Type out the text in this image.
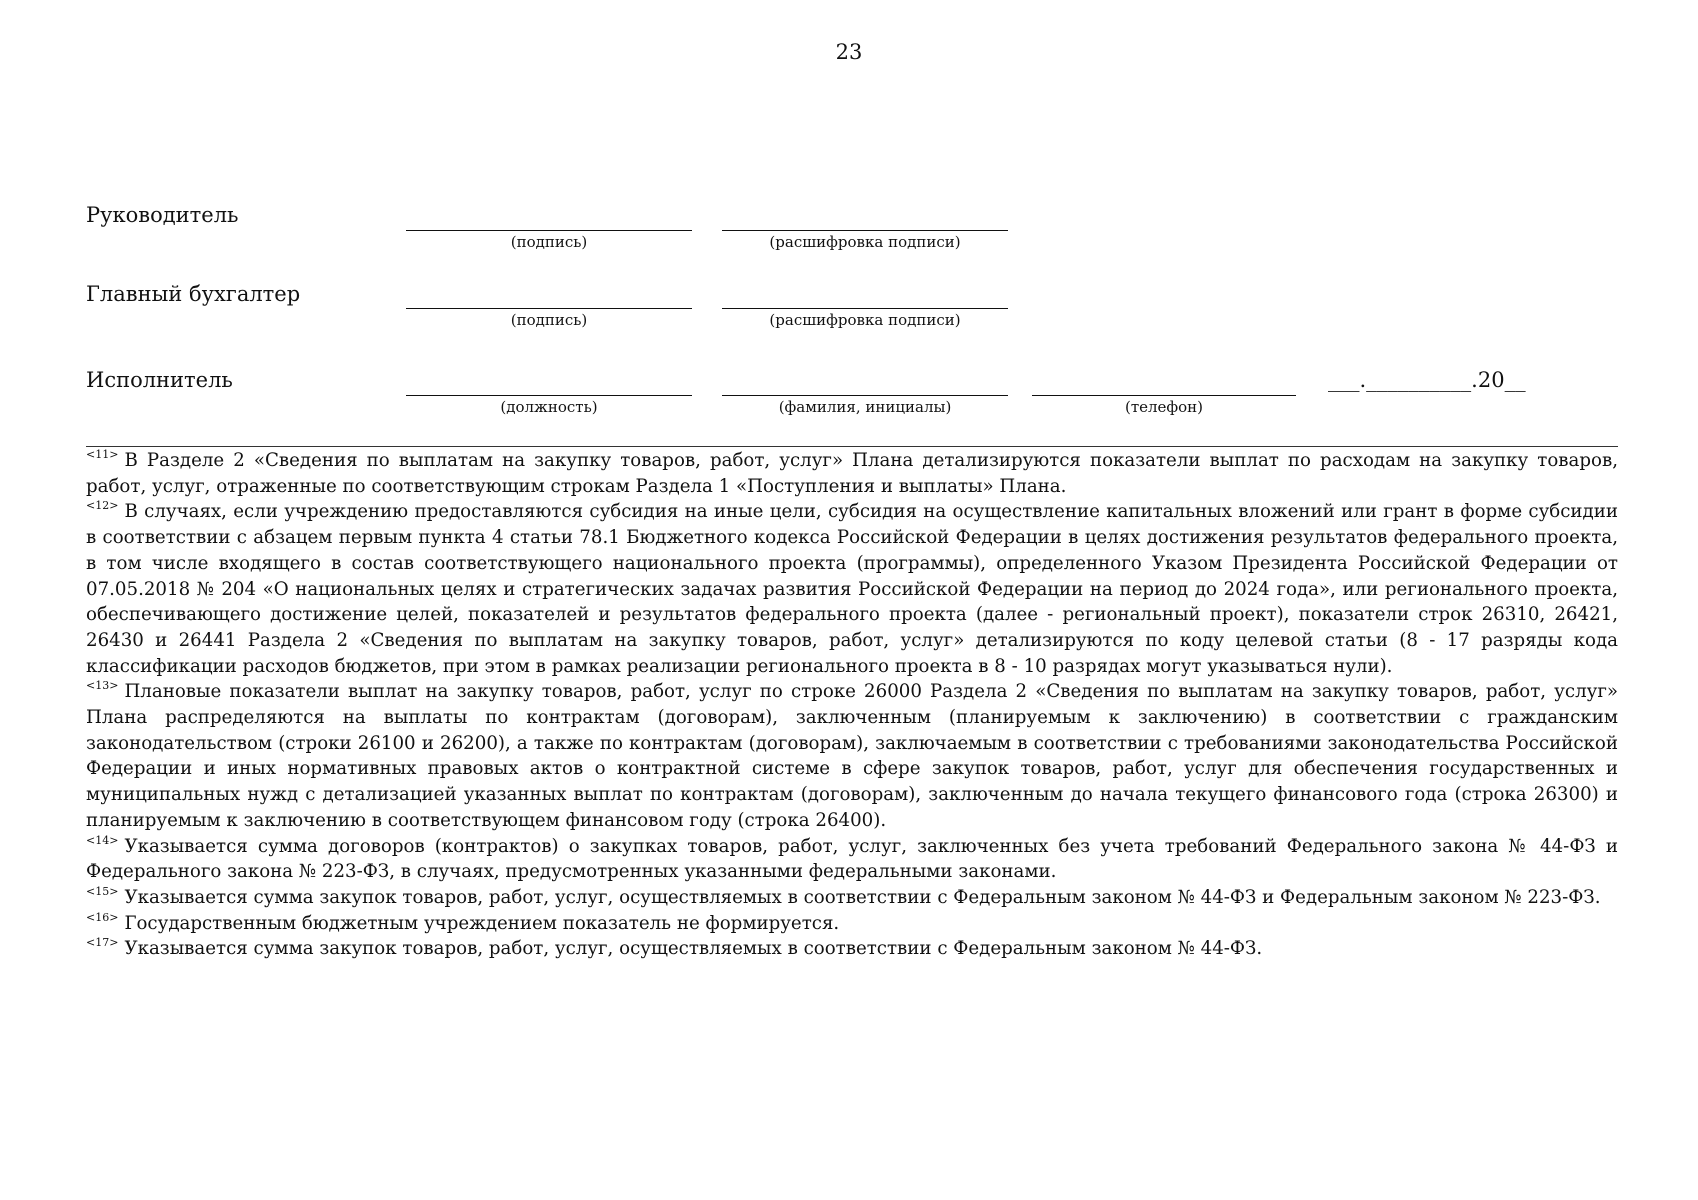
23
Руководитель
(подпись)	(расшифровка подписи)
Главный бухгалтер
(подпись)	(расшифровка подписи)
Исполнитель
(должность)	(фамилия, инициалы)	(телефон)
___.__________.20__

$^{<11>}$ В Разделе 2 «Сведения по выплатам на закупку товаров, работ, услуг» Плана детализируются показатели выплат по расходам на закупку товаров, работ, услуг, отраженные по соответствующим строкам Раздела 1 «Поступления и выплаты» Плана.

$^{<12>}$ В случаях, если учреждению предоставляются субсидия на иные цели, субсидия на осуществление капитальных вложений или грант в форме субсидии в соответствии с абзацем первым пункта 4 статьи 78.1 Бюджетного кодекса Российской Федерации в целях достижения результатов федерального проекта, в том числе входящего в состав соответствующего национального проекта (программы), определенного Указом Президента Российской Федерации от 07.05.2018 № 204 «О национальных целях и стратегических задачах развития Российской Федерации на период до 2024 года», или регионального проекта, обеспечивающего достижение целей, показателей и результатов федерального проекта (далее - региональный проект), показатели строк 26310, 26421, 26430 и 26441 Раздела 2 «Сведения по выплатам на закупку товаров, работ, услуг» детализируются по коду целевой статьи (8 - 17 разряды кода классификации расходов бюджетов, при этом в рамках реализации регионального проекта в 8 - 10 разрядах могут указываться нули).

$^{<13>}$ Плановые показатели выплат на закупку товаров, работ, услуг по строке 26000 Раздела 2 «Сведения по выплатам на закупку товаров, работ, услуг» Плана распределяются на выплаты по контрактам (договорам), заключенным (планируемым к заключению) в соответствии с гражданским законодательством (строки 26100 и 26200), а также по контрактам (договорам), заключаемым в соответствии с требованиями законодательства Российской Федерации и иных нормативных правовых актов о контрактной системе в сфере закупок товаров, работ, услуг для обеспечения государственных и муниципальных нужд с детализацией указанных выплат по контрактам (договорам), заключенным до начала текущего финансового года (строка 26300) и планируемым к заключению в соответствующем финансовом году (строка 26400).

$^{<14>}$ Указывается сумма договоров (контрактов) о закупках товаров, работ, услуг, заключенных без учета требований Федерального закона № 44-ФЗ и Федерального закона № 223-ФЗ, в случаях, предусмотренных указанными федеральными законами.

$^{<15>}$ Указывается сумма закупок товаров, работ, услуг, осуществляемых в соответствии с Федеральным законом № 44-ФЗ и Федеральным законом № 223-ФЗ.

$^{<16>}$ Государственным бюджетным учреждением показатель не формируется.

$^{<17>}$ Указывается сумма закупок товаров, работ, услуг, осуществляемых в соответствии с Федеральным законом № 44-ФЗ.
